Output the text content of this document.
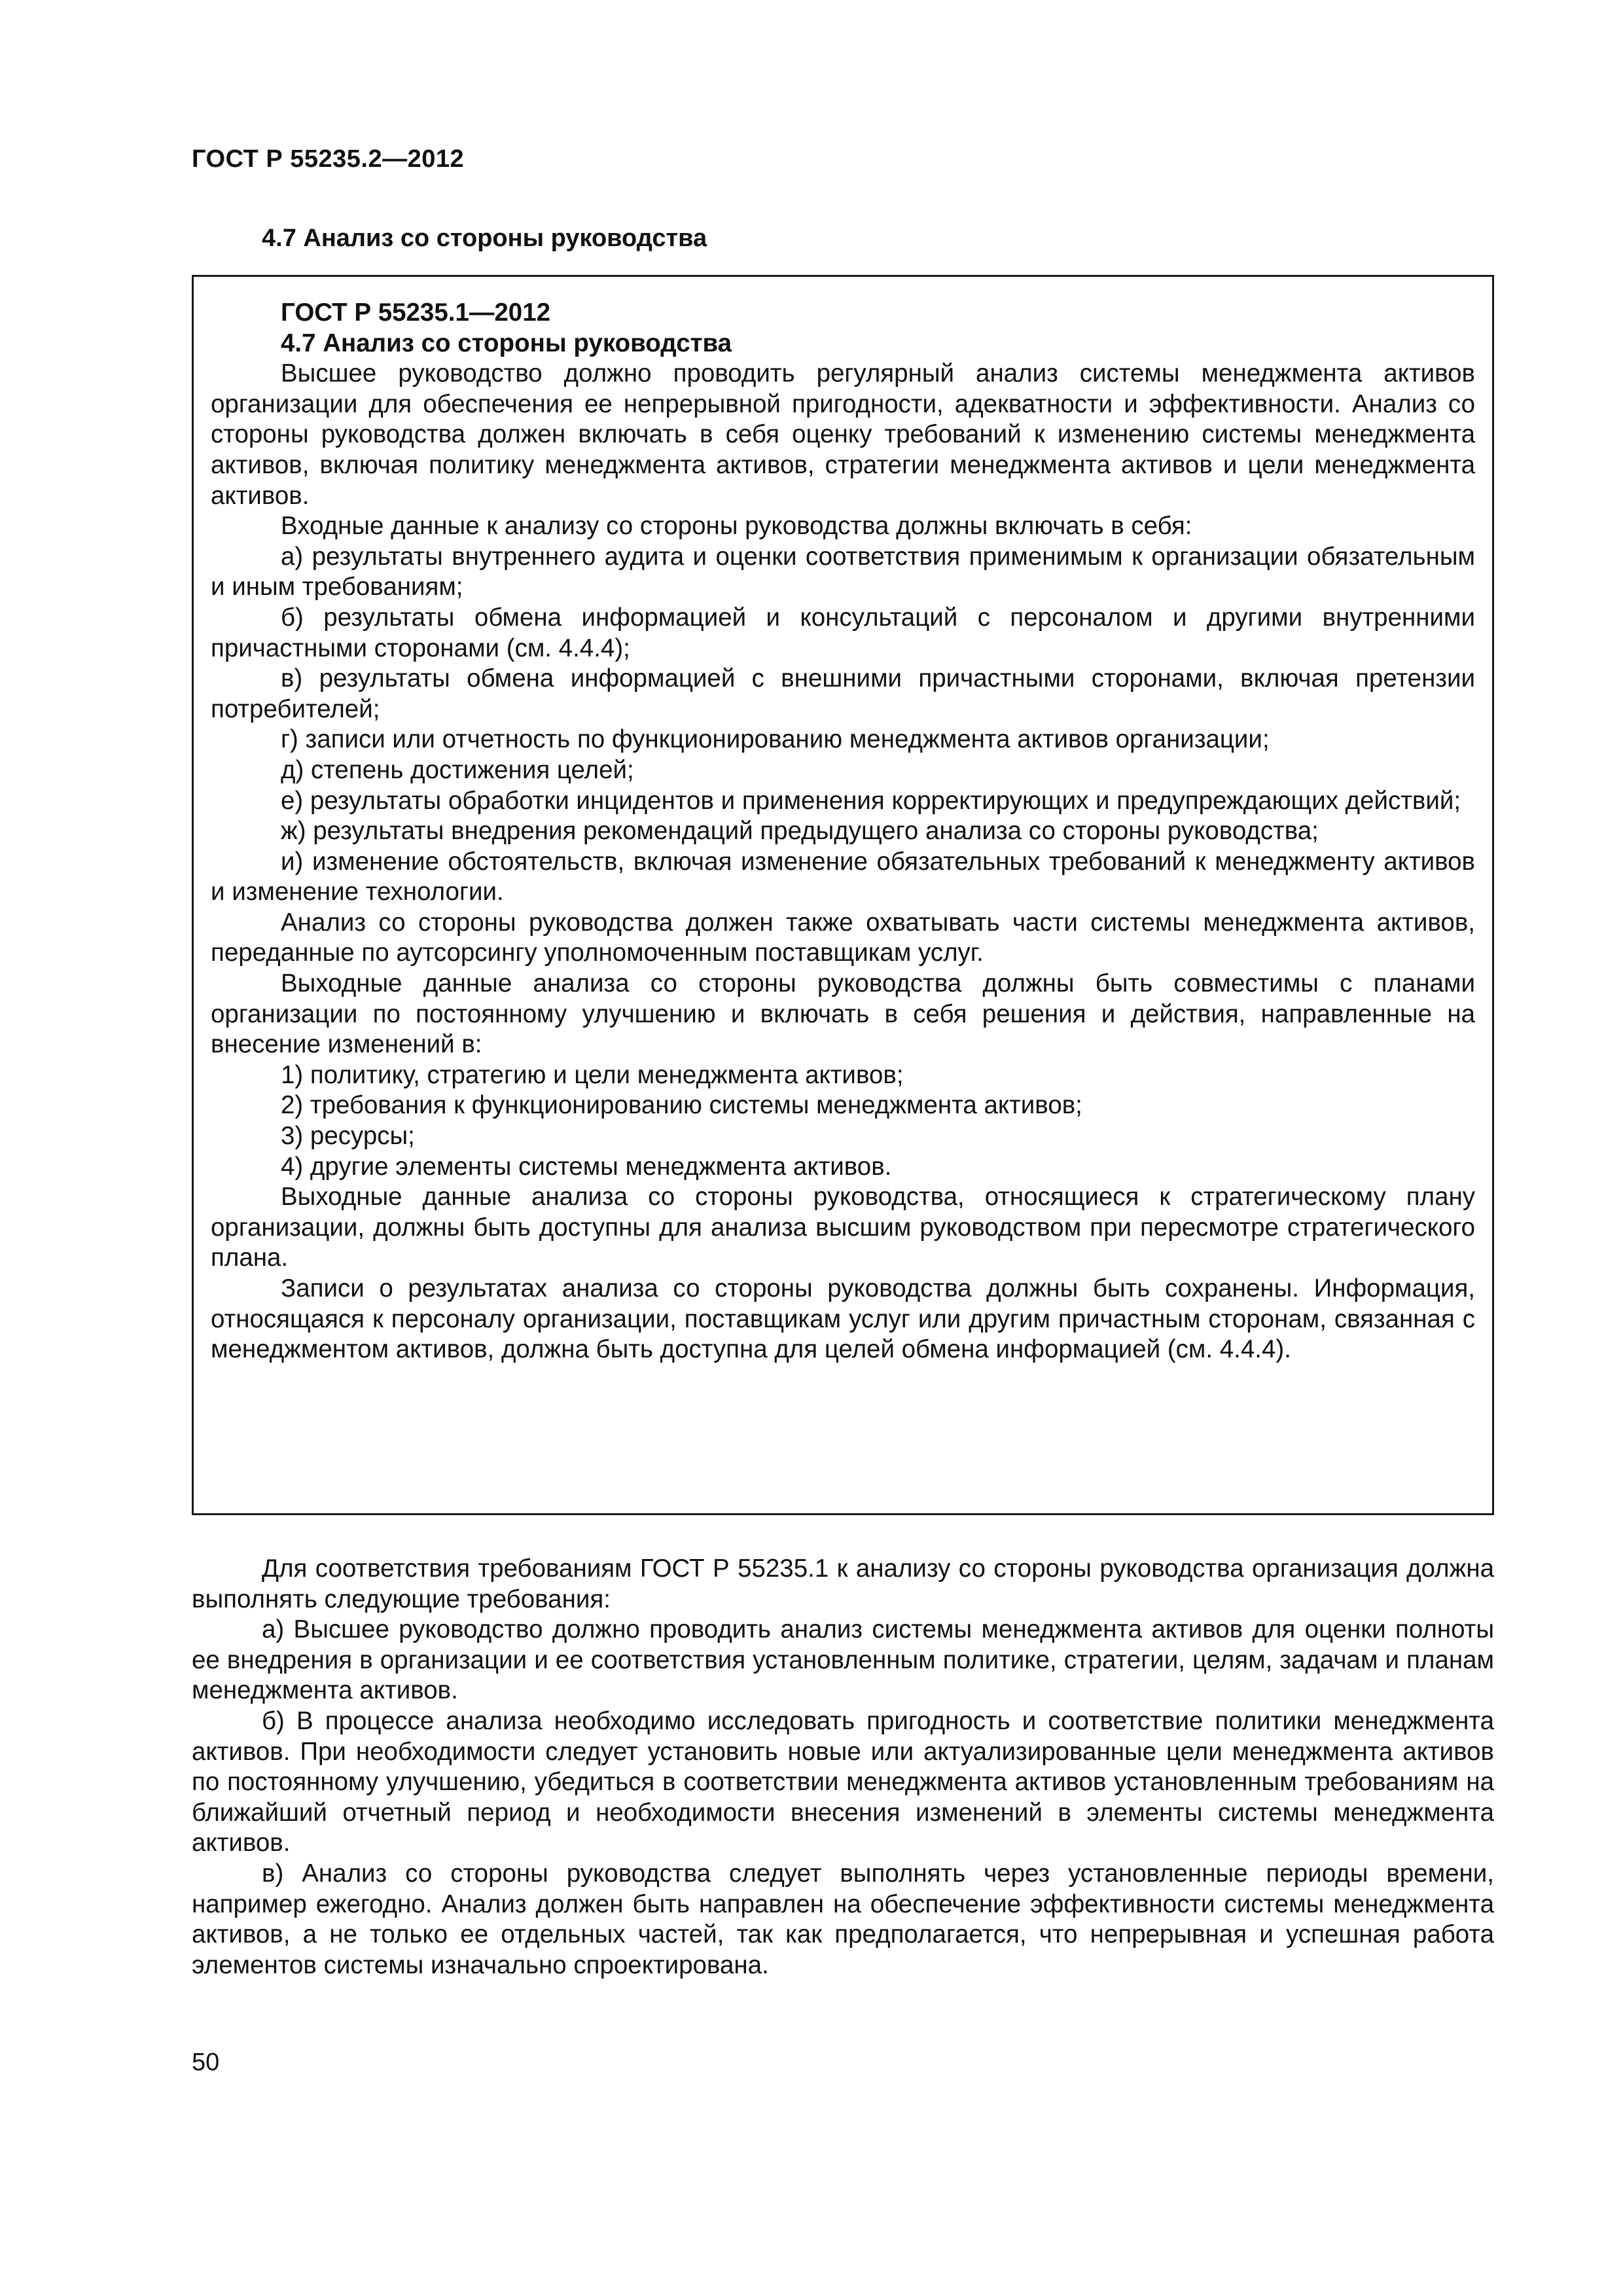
ГОСТ Р 55235.2—2012
4.7 Анализ со стороны руководства
ГОСТ Р 55235.1—2012
4.7 Анализ со стороны руководства

Высшее руководство должно проводить регулярный анализ системы менеджмента активов организации для обеспечения ее непрерывной пригодности, адекватности и эффективности. Анализ со стороны руководства должен включать в себя оценку требований к изменению системы менеджмента активов, включая политику менеджмента активов, стратегии менеджмента активов и цели менеджмента активов.

Входные данные к анализу со стороны руководства должны включать в себя:

а) результаты внутреннего аудита и оценки соответствия применимым к организации обязательным и иным требованиям;

б) результаты обмена информацией и консультаций с персоналом и другими внутренними причастными сторонами (см. 4.4.4);

в) результаты обмена информацией с внешними причастными сторонами, включая претензии потребителей;

г) записи или отчетность по функционированию менеджмента активов организации;

д) степень достижения целей;

е) результаты обработки инцидентов и применения корректирующих и предупреждающих действий;

ж) результаты внедрения рекомендаций предыдущего анализа со стороны руководства;

и) изменение обстоятельств, включая изменение обязательных требований к менеджменту активов и изменение технологии.

Анализ со стороны руководства должен также охватывать части системы менеджмента активов, переданные по аутсорсингу уполномоченным поставщикам услуг.

Выходные данные анализа со стороны руководства должны быть совместимы с планами организации по постоянному улучшению и включать в себя решения и действия, направленные на внесение изменений в:

1) политику, стратегию и цели менеджмента активов;

2) требования к функционированию системы менеджмента активов;

3) ресурсы;

4) другие элементы системы менеджмента активов.

Выходные данные анализа со стороны руководства, относящиеся к стратегическому плану организации, должны быть доступны для анализа высшим руководством при пересмотре стратегического плана.

Записи о результатах анализа со стороны руководства должны быть сохранены. Информация, относящаяся к персоналу организации, поставщикам услуг или другим причастным сторонам, связанная с менеджментом активов, должна быть доступна для целей обмена информацией (см. 4.4.4).

Для соответствия требованиям ГОСТ Р 55235.1 к анализу со стороны руководства организация должна выполнять следующие требования:

а) Высшее руководство должно проводить анализ системы менеджмента активов для оценки полноты ее внедрения в организации и ее соответствия установленным политике, стратегии, целям, задачам и планам менеджмента активов.

б) В процессе анализа необходимо исследовать пригодность и соответствие политики менеджмента активов. При необходимости следует установить новые или актуализированные цели менеджмента активов по постоянному улучшению, убедиться в соответствии менеджмента активов установленным требованиям на ближайший отчетный период и необходимости внесения изменений в элементы системы менеджмента активов.

в) Анализ со стороны руководства следует выполнять через установленные периоды времени, например ежегодно. Анализ должен быть направлен на обеспечение эффективности системы менеджмента активов, а не только ее отдельных частей, так как предполагается, что непрерывная и успешная работа элементов системы изначально спроектирована.

50
